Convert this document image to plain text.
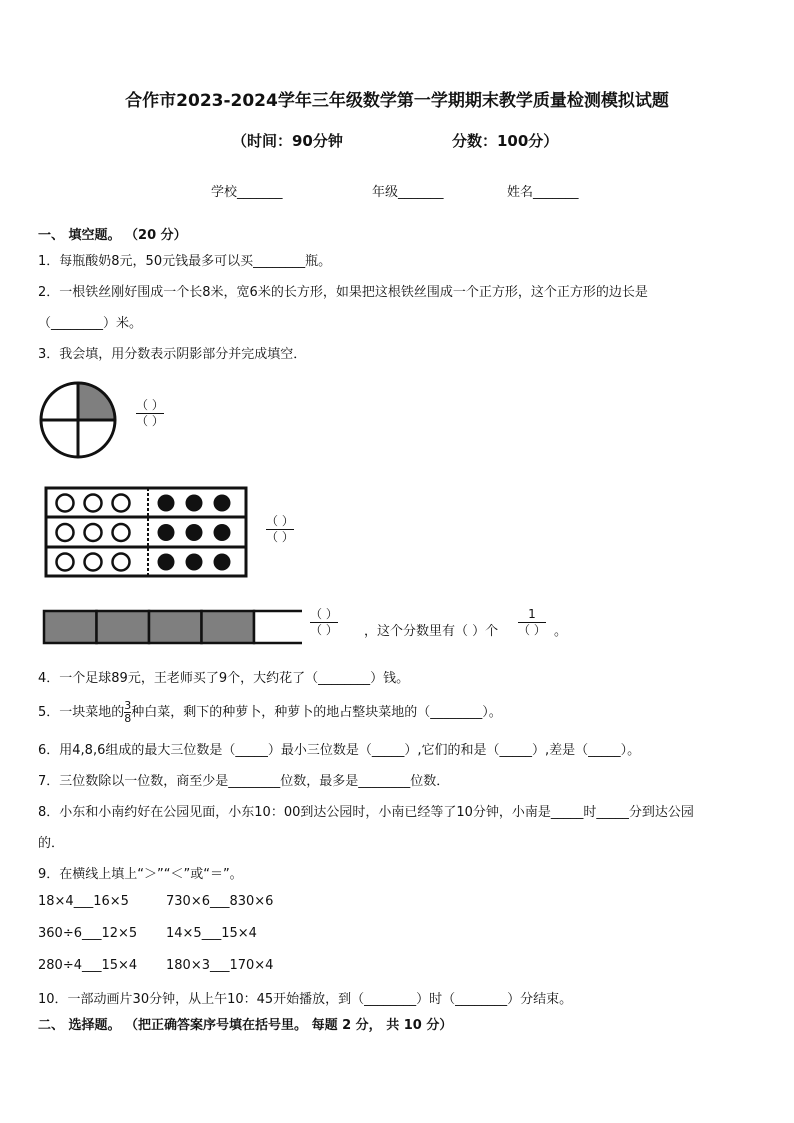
合作市2023-2024学年三年级数学第一学期期末教学质量检测模拟试题
（时间：90分钟	分数：100分）
学校_______	年级_______	姓名_______
一、 填空题。 （20 分）
1．每瓶酸奶8元，50元钱最多可以买________瓶。
2．一根铁丝刚好围成一个长8米，宽6米的长方形，如果把这根铁丝围成一个正方形，这个正方形的边长是
（________）米。
3．我会填，用分数表示阴影部分并完成填空．
（ ）
（ ）
（ ）
（ ）
（ ）
（ ） ，这个分数里有（ ）个
1
（ ） 。
4．一个足球89元，王老师买了9个，大约花了（________）钱。
5．一块菜地的 $\frac{3}{8}$ 种白菜，剩下的种萝卜，种萝卜的地占整块菜地的（________）。
6．用4,8,6组成的最大三位数是（_____）最小三位数是（_____）,它们的和是（_____）,差是（_____）。
7．三位数除以一位数，商至少是________位数，最多是________位数．
8．小东和小南约好在公园见面，小东10：00到达公园时，小南已经等了10分钟，小南是_____时_____分到达公园
的．
9．在横线上填上“＞”“＜”或“＝”。
18×4___16×5	730×6___830×6
360÷6___12×5 14×5___15×4
280÷4___15×4 180×3___170×4
10．一部动画片30分钟，从上午10：45开始播放，到（________）时（________）分结束。
二、 选择题。 （把正确答案序号填在括号里。 每题 2 分， 共 10 分）
